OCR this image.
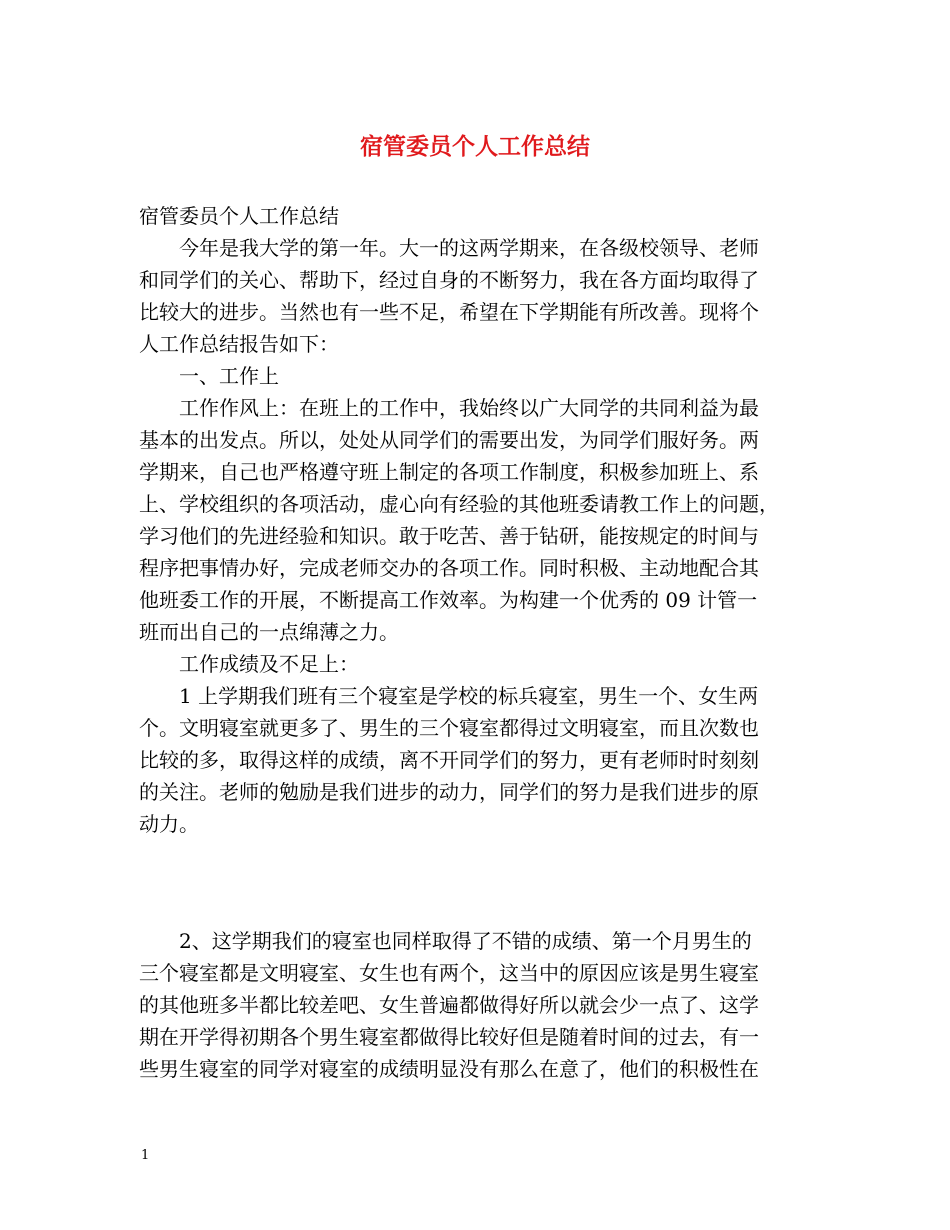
宿管委员个人工作总结
宿管委员个人工作总结
　　今年是我大学的第一年。大一的这两学期来，在各级校领导、老师
和同学们的关心、帮助下，经过自身的不断努力，我在各方面均取得了
比较大的进步。当然也有一些不足，希望在下学期能有所改善。现将个
人工作总结报告如下：
　　一、工作上
　　工作作风上：在班上的工作中，我始终以广大同学的共同利益为最
基本的出发点。所以，处处从同学们的需要出发，为同学们服好务。两
学期来，自己也严格遵守班上制定的各项工作制度，积极参加班上、系
上、学校组织的各项活动，虚心向有经验的其他班委请教工作上的问题，
学习他们的先进经验和知识。敢于吃苦、善于钻研，能按规定的时间与
程序把事情办好，完成老师交办的各项工作。同时积极、主动地配合其
他班委工作的开展，不断提高工作效率。为构建一个优秀的 09 计管一
班而出自己的一点绵薄之力。
　　工作成绩及不足上：
　　1 上学期我们班有三个寝室是学校的标兵寝室，男生一个、女生两
个。文明寝室就更多了、男生的三个寝室都得过文明寝室，而且次数也
比较的多，取得这样的成绩，离不开同学们的努力，更有老师时时刻刻
的关注。老师的勉励是我们进步的动力，同学们的努力是我们进步的原
动力。
　　2、这学期我们的寝室也同样取得了不错的成绩、第一个月男生的
三个寝室都是文明寝室、女生也有两个，这当中的原因应该是男生寝室
的其他班多半都比较差吧、女生普遍都做得好所以就会少一点了、这学
期在开学得初期各个男生寝室都做得比较好但是随着时间的过去，有一
些男生寝室的同学对寝室的成绩明显没有那么在意了，他们的积极性在
1
